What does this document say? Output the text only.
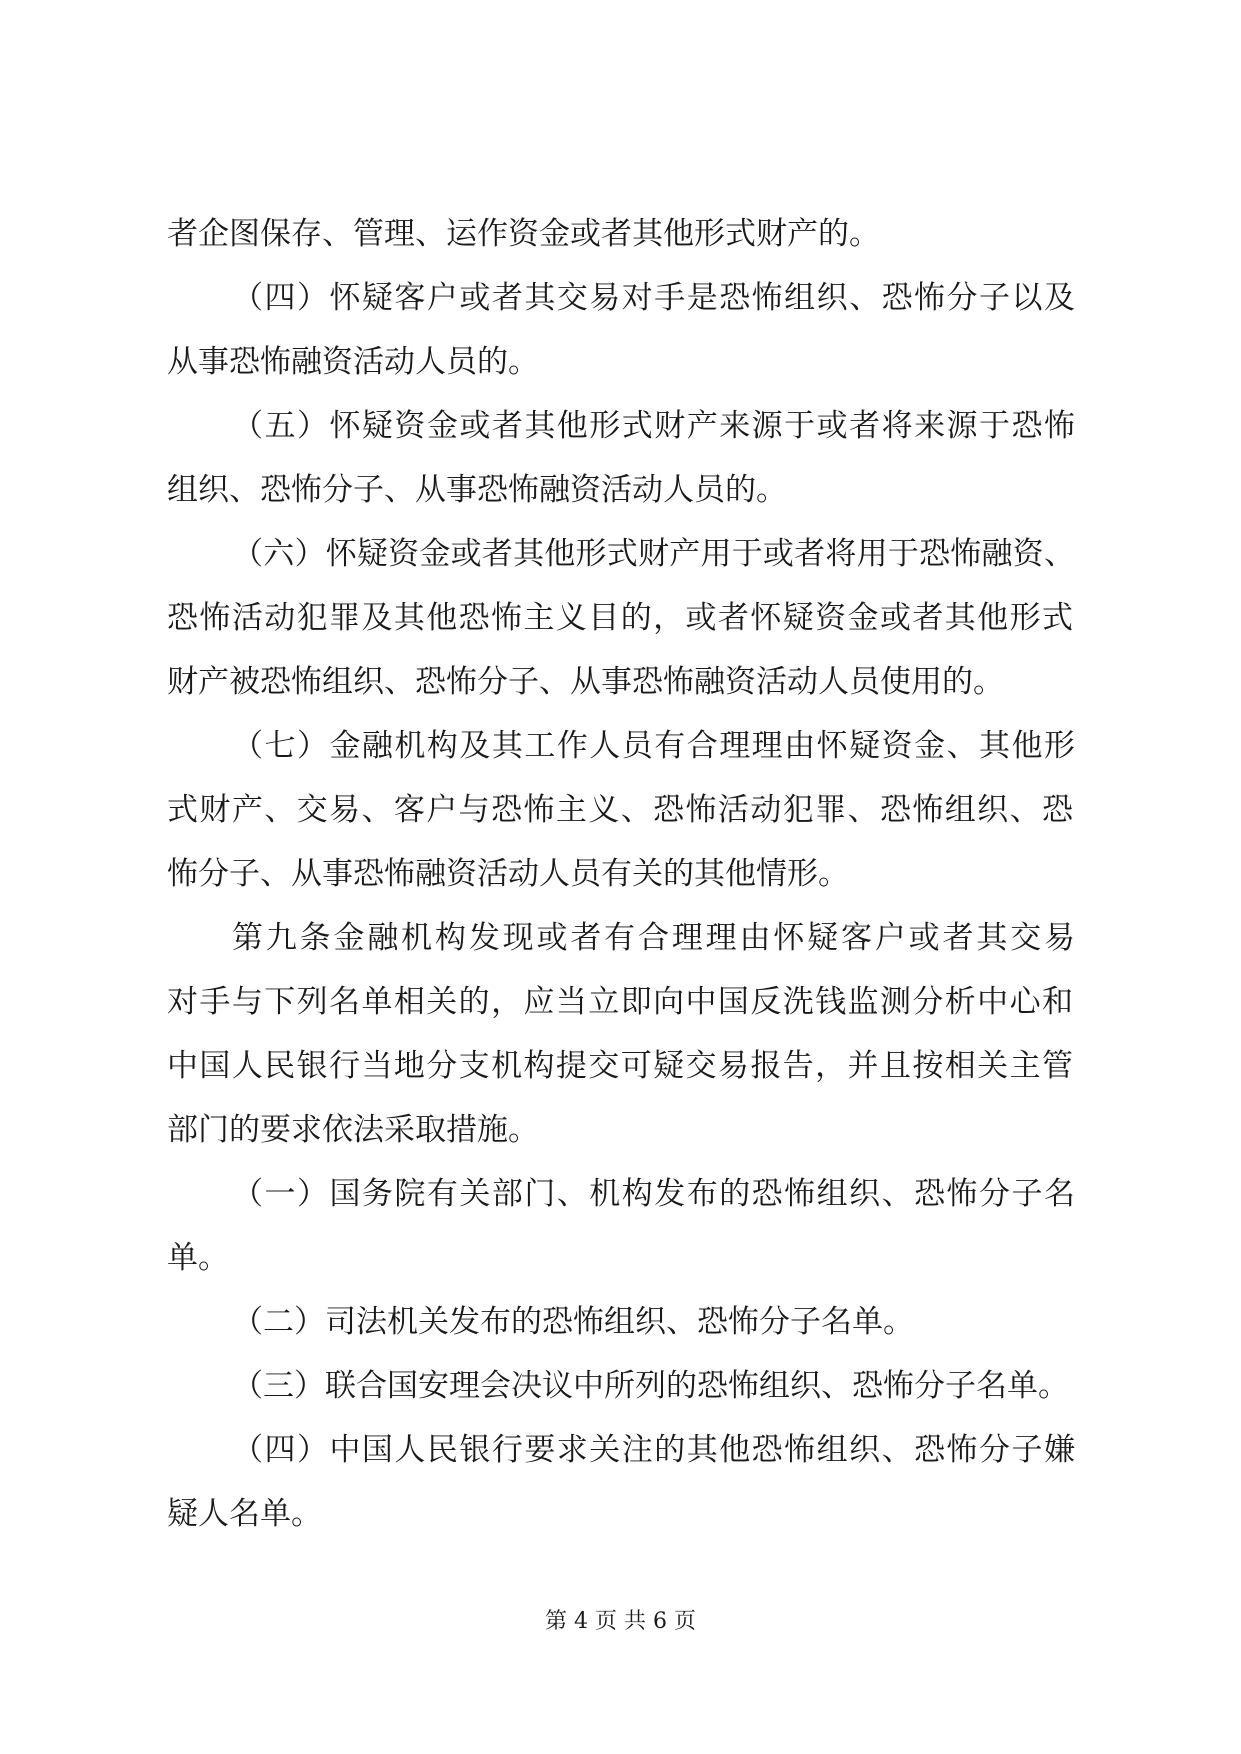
者企图保存、管理、运作资金或者其他形式财产的。
（四）怀疑客户或者其交易对手是恐怖组织、恐怖分子以及
从事恐怖融资活动人员的。
（五）怀疑资金或者其他形式财产来源于或者将来源于恐怖
组织、恐怖分子、从事恐怖融资活动人员的。
（六）怀疑资金或者其他形式财产用于或者将用于恐怖融资、
恐怖活动犯罪及其他恐怖主义目的，或者怀疑资金或者其他形式
财产被恐怖组织、恐怖分子、从事恐怖融资活动人员使用的。
（七）金融机构及其工作人员有合理理由怀疑资金、其他形
式财产、交易、客户与恐怖主义、恐怖活动犯罪、恐怖组织、恐
怖分子、从事恐怖融资活动人员有关的其他情形。
第九条金融机构发现或者有合理理由怀疑客户或者其交易
对手与下列名单相关的，应当立即向中国反洗钱监测分析中心和
中国人民银行当地分支机构提交可疑交易报告，并且按相关主管
部门的要求依法采取措施。
（一）国务院有关部门、机构发布的恐怖组织、恐怖分子名
单。
（二）司法机关发布的恐怖组织、恐怖分子名单。
（三）联合国安理会决议中所列的恐怖组织、恐怖分子名单。
（四）中国人民银行要求关注的其他恐怖组织、恐怖分子嫌
疑人名单。
第 4 页 共 6 页
